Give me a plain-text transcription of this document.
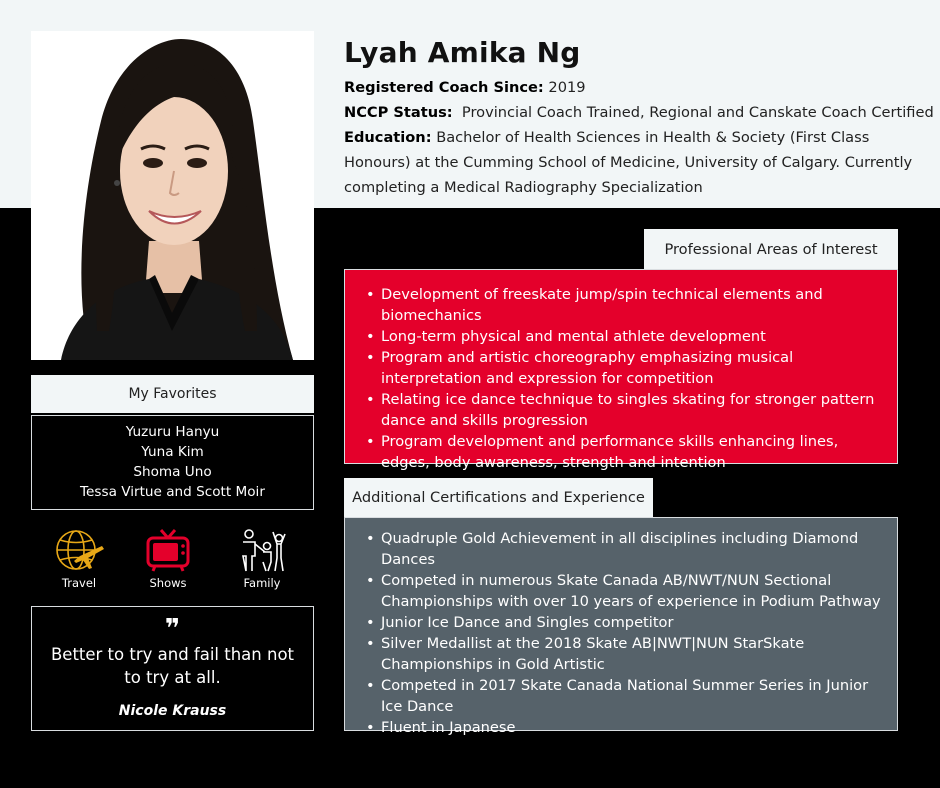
Lyah Amika Ng
Registered Coach Since: 2019
NCCP Status: Provincial Coach Trained, Regional and Canskate Coach Certified
Education: Bachelor of Health Sciences in Health & Society (First Class Honours) at the Cumming School of Medicine, University of Calgary. Currently completing a Medical Radiography Specialization
Professional Areas of Interest
• Development of freeskate jump/spin technical elements and biomechanics
• Long-term physical and mental athlete development
• Program and artistic choreography emphasizing musical interpretation and expression for competition
• Relating ice dance technique to singles skating for stronger pattern dance and skills progression
• Program development and performance skills enhancing lines, edges, body awareness, strength and intention
Additional Certifications and Experience
• Quadruple Gold Achievement in all disciplines including Diamond Dances
• Competed in numerous Skate Canada AB/NWT/NUN Sectional Championships with over 10 years of experience in Podium Pathway
• Junior Ice Dance and Singles competitor
• Silver Medallist at the 2018 Skate AB|NWT|NUN StarSkate Championships in Gold Artistic
• Competed in 2017 Skate Canada National Summer Series in Junior Ice Dance
• Fluent in Japanese
My Favorites
Yuzuru Hanyu
Yuna Kim
Shoma Uno
Tessa Virtue and Scott Moir
Travel	Shows	Family
❞
Better to try and fail than not to try at all.
Nicole Krauss
